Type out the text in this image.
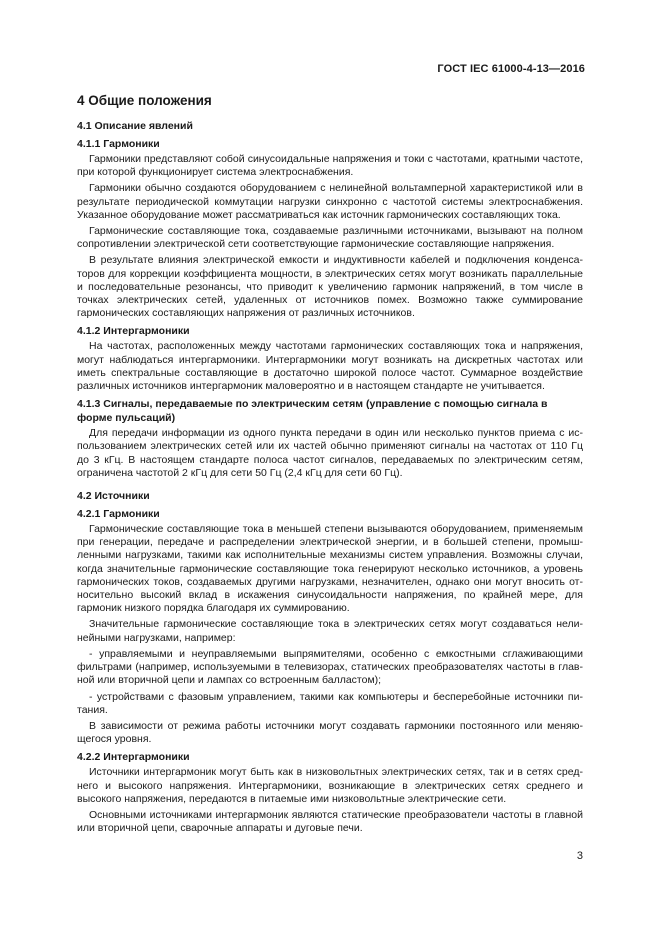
ГОСТ IEC 61000-4-13—2016
4 Общие положения
4.1 Описание явлений
4.1.1 Гармоники
Гармоники представляют собой синусоидальные напряжения и токи с частотами, кратными частоте, при которой функционирует система электроснабжения.
Гармоники обычно создаются оборудованием с нелинейной вольтамперной характеристикой или в результате периодической коммутации нагрузки синхронно с частотой системы электроснабжения. Указанное оборудование может рассматриваться как источник гармонических составляющих тока.
Гармонические составляющие тока, создаваемые различными источниками, вызывают на полном сопротивлении электрической сети соответствующие гармонические составляющие напряжения.
В результате влияния электрической емкости и индуктивности кабелей и подключения конденсаторов для коррекции коэффициента мощности, в электрических сетях могут возникать параллельные и последовательные резонансы, что приводит к увеличению гармоник напряжений, в том числе в точках электрических сетей, удаленных от источников помех. Возможно также суммирование гармонических составляющих напряжения от различных источников.
4.1.2 Интергармоники
На частотах, расположенных между частотами гармонических составляющих тока и напряжения, могут наблюдаться интергармоники. Интергармоники могут возникать на дискретных частотах или иметь спектральные составляющие в достаточно широкой полосе частот. Суммарное воздействие различных источников интергармоник маловероятно и в настоящем стандарте не учитывается.
4.1.3 Сигналы, передаваемые по электрическим сетям (управление с помощью сигнала в форме пульсаций)
Для передачи информации из одного пункта передачи в один или несколько пунктов приема с использованием электрических сетей или их частей обычно применяют сигналы на частотах от 110 Гц до 3 кГц. В настоящем стандарте полоса частот сигналов, передаваемых по электрическим сетям, ограничена частотой 2 кГц для сети 50 Гц (2,4 кГц для сети 60 Гц).
4.2 Источники
4.2.1 Гармоники
Гармонические составляющие тока в меньшей степени вызываются оборудованием, применяемым при генерации, передаче и распределении электрической энергии, и в большей степени, промышленными нагрузками, такими как исполнительные механизмы систем управления. Возможны случаи, когда значительные гармонические составляющие тока генерируют несколько источников, а уровень гармонических токов, создаваемых другими нагрузками, незначителен, однако они могут вносить относительно высокий вклад в искажения синусоидальности напряжения, по крайней мере, для гармоник низкого порядка благодаря их суммированию.
Значительные гармонические составляющие тока в электрических сетях могут создаваться нелинейными нагрузками, например:
- управляемыми и неуправляемыми выпрямителями, особенно с емкостными сглаживающими фильтрами (например, используемыми в телевизорах, статических преобразователях частоты в главной или вторичной цепи и лампах со встроенным балластом);
- устройствами с фазовым управлением, такими как компьютеры и бесперебойные источники питания.
В зависимости от режима работы источники могут создавать гармоники постоянного или меняющегося уровня.
4.2.2 Интергармоники
Источники интергармоник могут быть как в низковольтных электрических сетях, так и в сетях среднего и высокого напряжения. Интергармоники, возникающие в электрических сетях среднего и высокого напряжения, передаются в питаемые ими низковольтные электрические сети.
Основными источниками интергармоник являются статические преобразователи частоты в главной или вторичной цепи, сварочные аппараты и дуговые печи.
3
